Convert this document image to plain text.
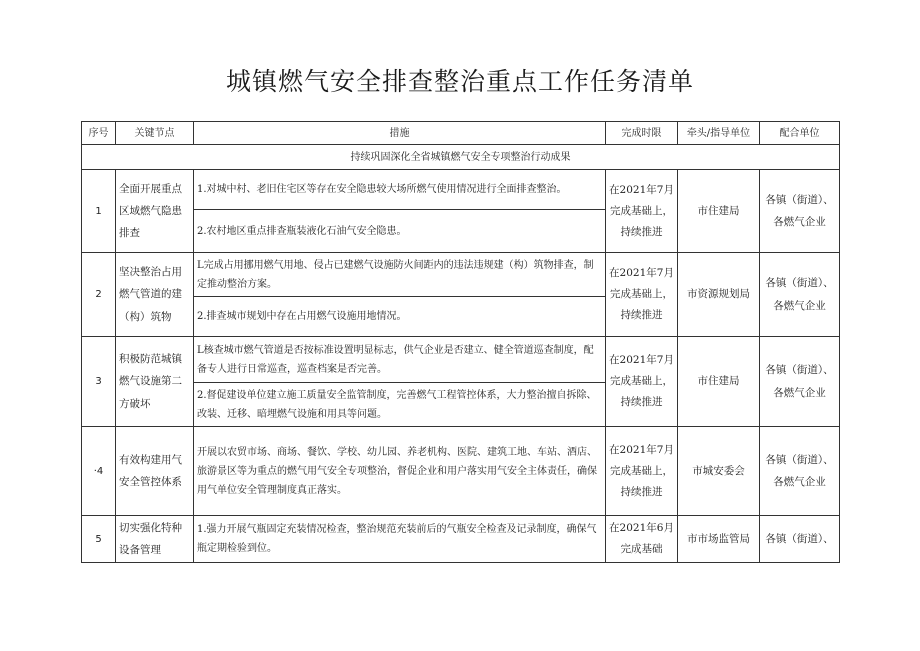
城镇燃气安全排查整治重点工作任务清单
序号	关键节点	措施	完成时限	牵头/指导单位	配合单位
持续巩固深化全省城镇燃气安全专项整治行动成果					
1	全面开展重点区域燃气隐患排查	1.对城中村、老旧住宅区等存在安全隐患较大场所燃气使用情况进行全面排查整治。	在2021年7月完成基础上，持续推进	市住建局	各镇（街道）、各燃气企业
		2.农村地区重点排查瓶装液化石油气安全隐患。			
2	坚决整治占用燃气管道的建（构）筑物	L完成占用挪用燃气用地、侵占已建燃气设施防火间距内的违法违规建（构）筑物排查，制定推动整治方案。	在2021年7月完成基础上，持续推进	市资源规划局	各镇（街道）、各燃气企业
		2.排查城市规划中存在占用燃气设施用地情况。			
3	积极防范城镇燃气设施第二方破坏	L核查城市燃气管道是否按标准设置明显标志，供气企业是否建立、健全管道巡查制度，配备专人进行日常巡查，巡查档案是否完善。	在2021年7月完成基础上，持续推进	市住建局	各镇（街道）、各燃气企业
		2.督促建设单位建立施工质量安全监管制度，完善燃气工程管控体系，大力整治擅自拆除、改装、迁移、暗埋燃气设施和用具等问题。			
·4	有效构建用气安全管控体系	开展以农贸市场、商场、餐饮、学校、幼儿园、养老机构、医院、建筑工地、车站、酒店、旅游景区等为重点的燃气用气安全专项整治，督促企业和用户落实用气安全主体责任，确保用气单位安全管理制度真正落实。	在2021年7月完成基础上，持续推进	市城安委会	各镇（街道）、各燃气企业
5	切实强化特种设备管理	1.强力开展气瓶固定充装情况检查，整治规范充装前后的气瓶安全检查及记录制度，确保气瓶定期检验到位。	在2021年6月完成基础	市市场监管局	各镇（街道）、
